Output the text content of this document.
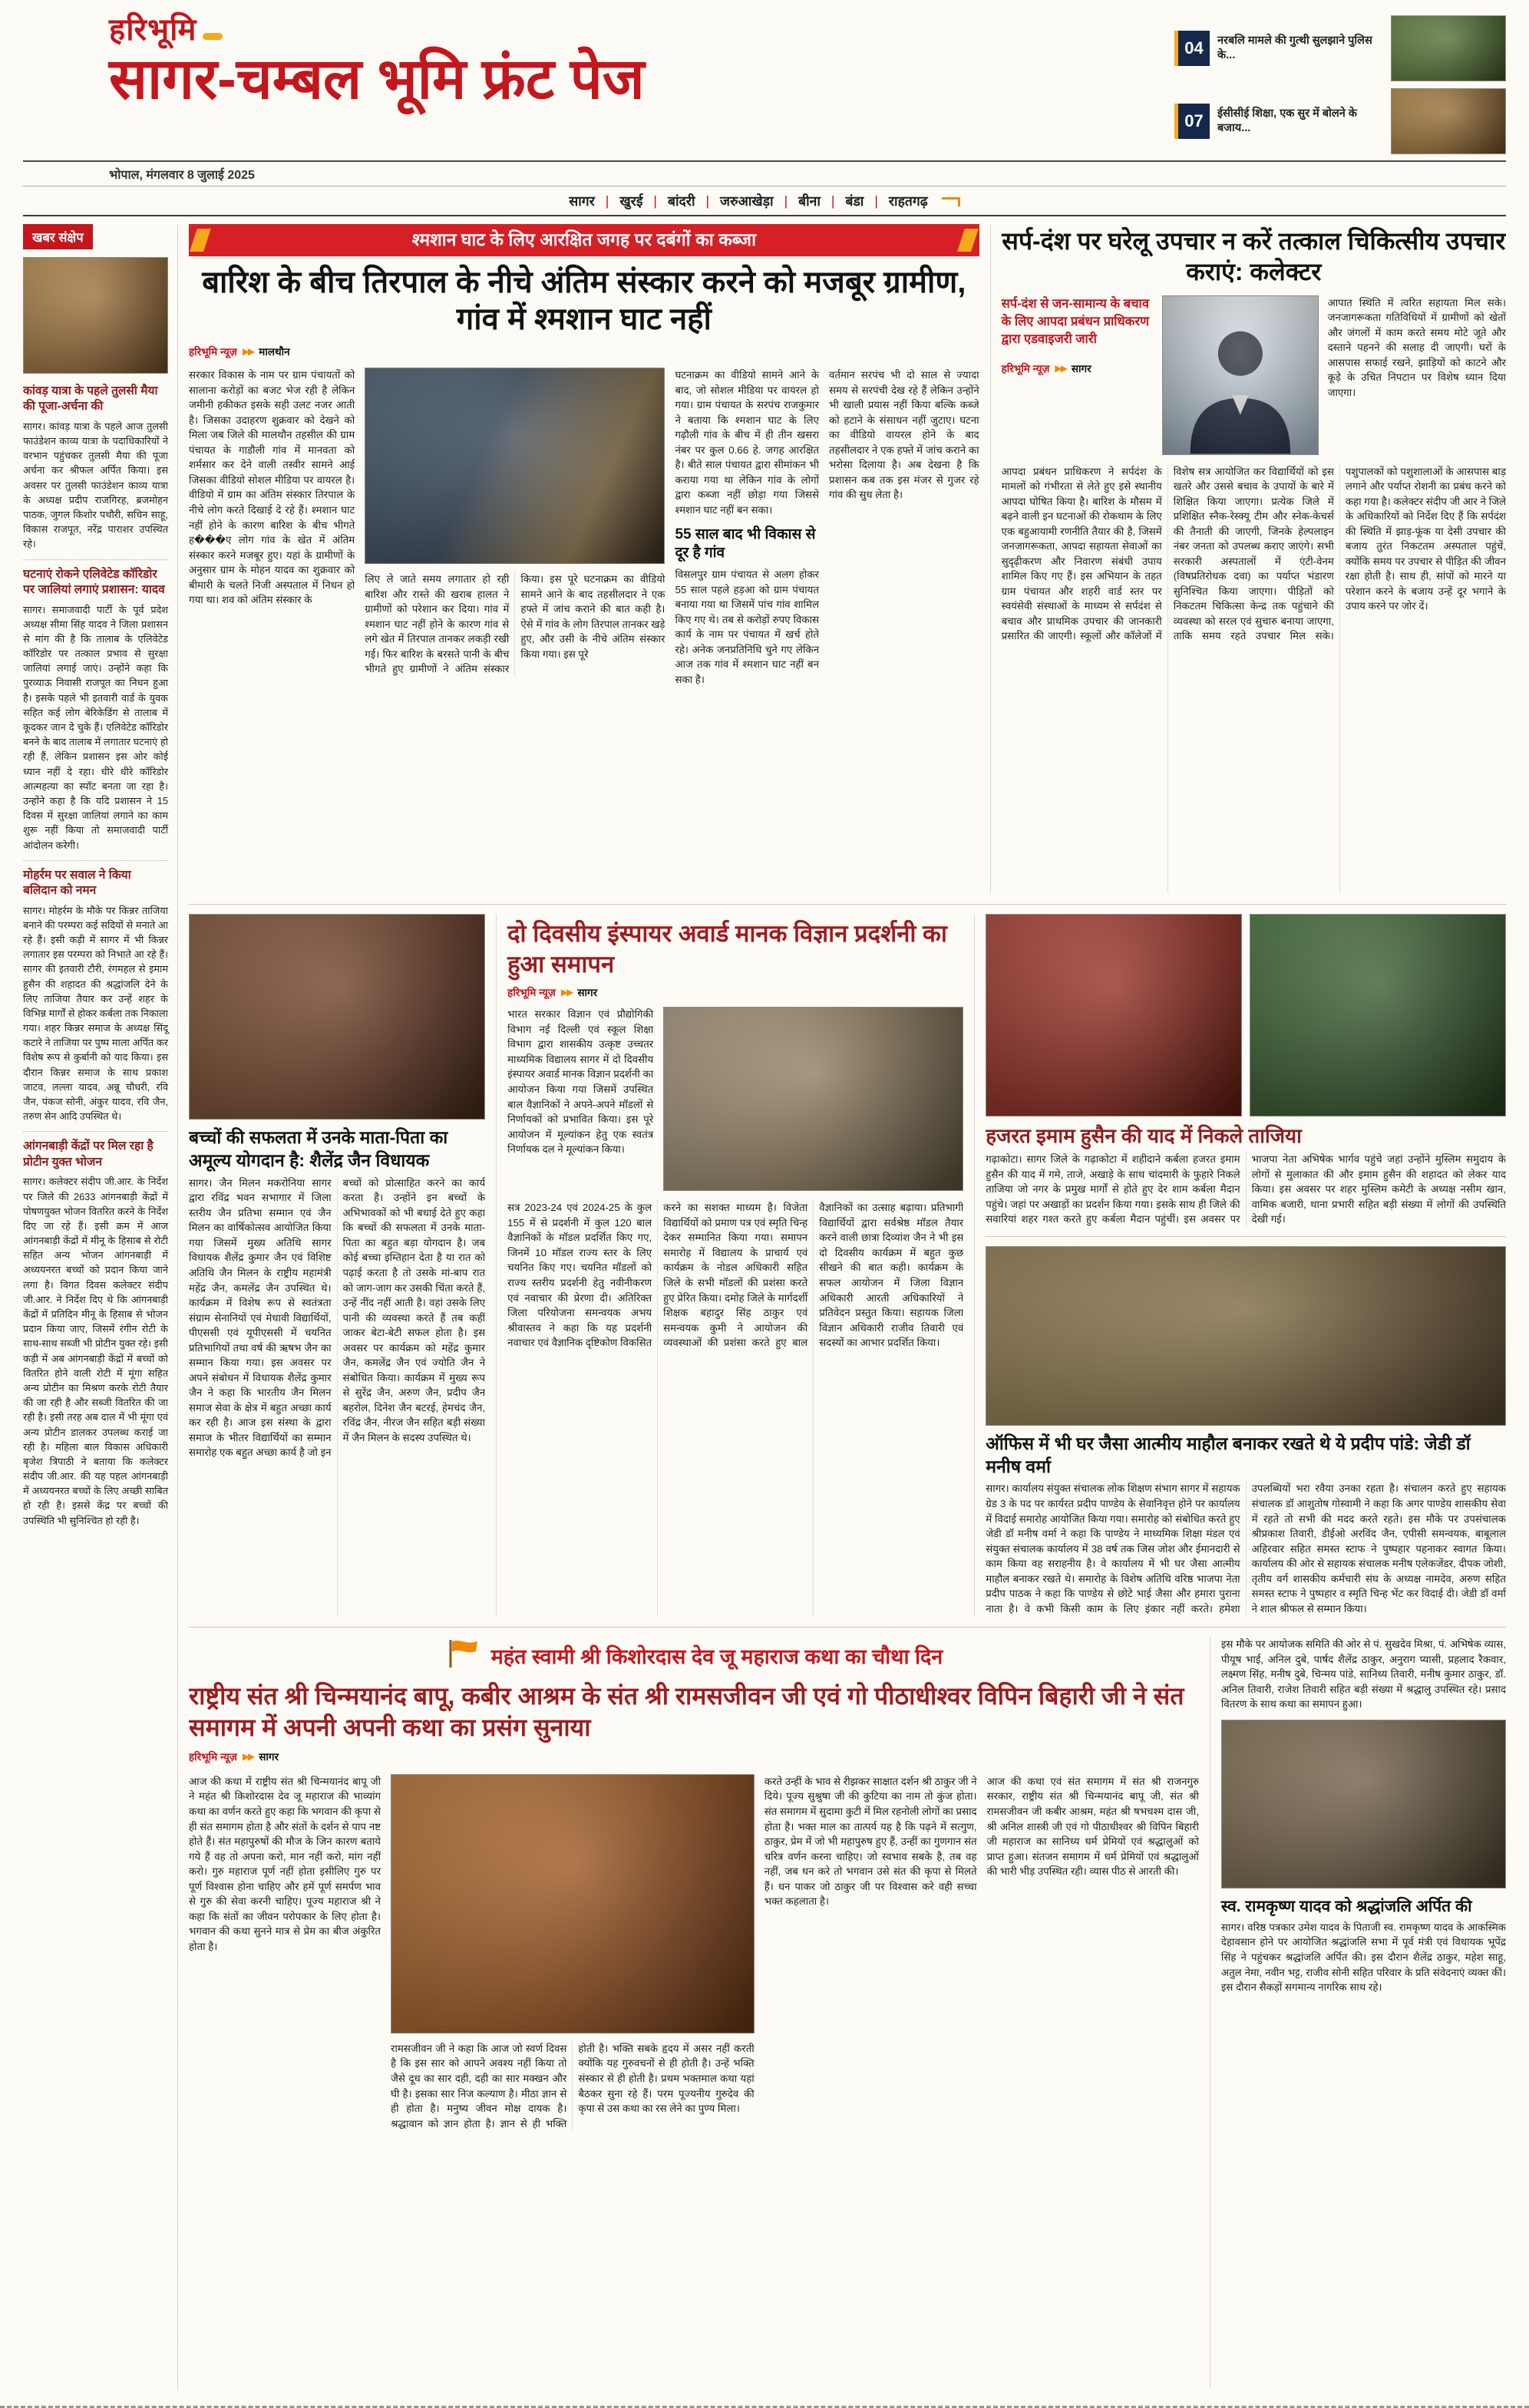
हरिभूमि
सागर-चम्बल भूमि फ्रंट पेज	04	नरबलि मामले की गुत्थी सुलझाने पुलिस के...
07	ईसीसीई शिक्षा, एक सुर में बोलने के बजाय...
भोपाल, मंगलवार 8 जुलाई 2025
सागर | खुरई | बांदरी | जरुआखेड़ा | बीना | बंडा | राहतगढ़
खबर संक्षेप
कांवड़ यात्रा के पहले तुलसी मैया की पूजा-अर्चना की

सागर। कांवड़ यात्रा के पहले आज तुलसी फाउंडेशन काव्य यात्रा के पदाधिकारियों ने वरभान पहुंचकर तुलसी मैया की पूजा अर्चना कर श्रीफल अर्पित किया। इस अवसर पर तुलसी फाउंडेशन काव्य यात्रा के अध्यक्ष प्रदीप राजगिरह, ब्रजमोहन पाठक, जुगल किशोर पथौरी, सचिन साहू, विकास राजपूत, नरेंद्र पाराशर उपस्थित रहे।

घटनाएं रोकने एलिवेटेड कॉरिडोर पर जालियां लगाएं प्रशासन: यादव

सागर। समाजवादी पार्टी के पूर्व प्रदेश अध्यक्ष सीमा सिंह यादव ने जिला प्रशासन से मांग की है कि तालाब के एलिवेटेड कॉरिडोर पर तत्काल प्रभाव से सुरक्षा जालियां लगाई जाएं। उन्होंने कहा कि पुरव्याऊ निवासी राजपूत का निधन हुआ है। इसके पहले भी इतवारी वार्ड के युवक सहित कई लोग बेरिकेडिंग से तालाब में कूदकर जान दे चुके हैं। एलिवेटेड कॉरिडोर बनने के बाद तालाब में लगातार घटनाएं हो रही हैं, लेकिन प्रशासन इस ओर कोई ध्यान नहीं दे रहा। धीरे धीरे कॉरिडोर आत्महत्या का स्पॉट बनता जा रहा है। उन्होंने कहा है कि यदि प्रशासन ने 15 दिवस में सुरक्षा जालियां लगाने का काम शुरू नहीं किया तो समाजवादी पार्टी आंदोलन करेगी।

मोहर्रम पर सवाल ने किया बलिदान को नमन

सागर। मोहर्रम के मौके पर किन्नर ताजिया बनाने की परम्परा कई सदियों से मनाते आ रहे हैं। इसी कड़ी में सागर में भी किन्नर लगातार इस परम्परा को निभाते आ रहे हैं। सागर की इतवारी टौरी, रंगमहल से इमाम हुसैन की शहादत की श्रद्धांजलि देने के लिए ताजिया तैयार कर उन्हें शहर के विभिन्न मार्गों से होकर कर्बला तक निकाला गया। शहर किन्नर समाज के अध्यक्ष सिंदू कटारे ने ताजिया पर पुष्प माला अर्पित कर विशेष रूप से कुर्बानी को याद किया। इस दौरान किन्नर समाज के साथ प्रकाश जाटव, लल्ला यादव, अन्नू चौधरी, रवि जैन, पंकज सोनी, अंकुर यादव, रवि जैन, तरुण सेन आदि उपस्थित थे।

आंगनबाड़ी केंद्रों पर मिल रहा है प्रोटीन युक्त भोजन

सागर। कलेक्टर संदीप जी.आर. के निर्देश पर जिले की 2633 आंगनबाड़ी केंद्रों में पोषणयुक्त भोजन वितरित करने के निर्देश दिए जा रहे हैं। इसी क्रम में आज आंगनबाड़ी केंद्रों में मीनू के हिसाब से रोटी सहित अन्य भोजन आंगनबाड़ी में अध्ययनरत बच्चों को प्रदान किया जाने लगा है। विगत दिवस कलेक्टर संदीप जी.आर. ने निर्देश दिए थे कि आंगनबाड़ी केंद्रों में प्रतिदिन मीनू के हिसाब से भोजन प्रदान किया जाए, जिसमें रंगीन रोटी के साथ-साथ सब्जी भी प्रोटीन युक्त रहे। इसी कड़ी में अब आंगनबाड़ी केंद्रों में बच्चों को वितरित होने वाली रोटी में मूंगा सहित अन्य प्रोटीन का मिश्रण करके रोटी तैयार की जा रही है और सब्जी वितरित की जा रही है। इसी तरह अब दाल में भी मूंगा एवं अन्य प्रोटीन डालकर उपलब्ध कराई जा रही है। महिला बाल विकास अधिकारी बृजेश त्रिपाठी ने बताया कि कलेक्टर संदीप जी.आर. की यह पहल आंगनबाड़ी में अध्ययनरत बच्चों के लिए अच्छी साबित हो रही है। इससे केंद्र पर बच्चों की उपस्थिति भी सुनिश्चित हो रही है।

श्मशान घाट के लिए आरक्षित जगह पर दबंगों का कब्जा
बारिश के बीच तिरपाल के नीचे अंतिम संस्कार करने को मजबूर ग्रामीण, गांव में श्मशान घाट नहीं
हरिभूमि न्यूज़ ▶▶ मालथौन

सरकार विकास के नाम पर ग्राम पंचायतों को सालाना करोड़ों का बजट भेज रही है लेकिन जमीनी हकीकत इसके सही उलट नजर आती है। जिसका उदाहरण शुक्रवार को देखने को मिला जब जिले की मालथौन तहसील की ग्राम पंचायत के गाडौली गांव में मानवता को शर्मसार कर देने वाली तस्वीर सामने आई जिसका वीडियो सोशल मीडिया पर वायरल है। वीडियो में ग्राम का अंतिम संस्कार तिरपाल के नीचे लोग करते दिखाई दे रहे हैं। श्मशान घाट नहीं होने के कारण बारिश के बीच भीगते ह���ए लोग गांव के खेत में अंतिम संस्कार करने मजबूर हुए। यहां के ग्रामीणों के अनुसार ग्राम के मोहन यादव का शुक्रवार को बीमारी के चलते निजी अस्पताल में निधन हो गया था। शव को अंतिम संस्कार के

लिए ले जाते समय लगातार हो रही बारिश और रास्ते की खराब हालत ने ग्रामीणों को परेशान कर दिया। गांव में श्मशान घाट नहीं होने के कारण गांव से लगे खेत में तिरपाल तानकर लकड़ी रखी गई। फिर बारिश के बरसते पानी के बीच भीगते हुए ग्रामीणों ने अंतिम संस्कार किया। इस पूरे घटनाक्रम का वीडियो सामने आने के बाद तहसीलदार ने एक हफ्ते में जांच कराने की बात कही है। ऐसे में गांव के लोग तिरपाल तानकर खड़े हुए, और उसी के नीचे अंतिम संस्कार किया गया। इस पूरे

घटनाक्रम का वीडियो सामने आने के बाद, जो सोशल मीडिया पर वायरल हो गया। ग्राम पंचायत के सरपंच राजकुमार ने बताया कि श्मशान घाट के लिए गढ़ौली गांव के बीच में ही तीन खसरा नंबर पर कुल 0.66 हे. जगह आरक्षित है। बीते साल पंचायत द्वारा सीमांकन भी कराया गया था लेकिन गांव के लोगों द्वारा कब्जा नहीं छोड़ा गया जिससे श्मशान घाट नहीं बन सका।

55 साल बाद भी विकास से दूर है गांव

विसलपुर ग्राम पंचायत से अलग होकर 55 साल पहले हड़आ को ग्राम पंचायत बनाया गया था जिसमें पांच गांव शामिल किए गए थे। तब से करोड़ों रुपए विकास कार्य के नाम पर पंचायत में खर्च होते रहे। अनेक जनप्रतिनिधि चुने गए लेकिन आज तक गांव में श्मशान घाट नहीं बन सका है।

वर्तमान सरपंच भी दो साल से ज्यादा समय से सरपंची देख रहे हैं लेकिन उन्होंने भी खाली प्रयास नहीं किया बल्कि कब्जे को हटाने के संसाधन नहीं जुटाए। घटना का वीडियो वायरल होने के बाद तहसीलदार ने एक हफ्ते में जांच कराने का भरोसा दिलाया है। अब देखना है कि प्रशासन कब तक इस मंजर से गुजर रहे गांव की सुध लेता है।

सर्प-दंश पर घरेलू उपचार न करें तत्काल चिकित्सीय उपचार कराएं: कलेक्टर

सर्प-दंश से जन-सामान्य के बचाव के लिए आपदा प्रबंधन प्राधिकरण द्वारा एडवाइजरी जारी

हरिभूमि न्यूज़ ▶▶ सागर

आपात स्थिति में त्वरित सहायता मिल सके। जनजागरूकता गतिविधियों में ग्रामीणों को खेतों और जंगलों में काम करते समय मोटे जूते और दस्ताने पहनने की सलाह दी जाएगी। घरों के आसपास सफाई रखने, झाड़ियों को काटने और कूड़े के उचित निपटान पर विशेष ध्यान दिया जाएगा।

आपदा प्रबंधन प्राधिकरण ने सर्पदंश के मामलों को गंभीरता से लेते हुए इसे स्थानीय आपदा घोषित किया है। बारिश के मौसम में बढ़ने वाली इन घटनाओं की रोकथाम के लिए एक बहुआयामी रणनीति तैयार की है, जिसमें जनजागरूकता, आपदा सहायता सेवाओं का सुदृढ़ीकरण और निवारण संबंधी उपाय शामिल किए गए हैं। इस अभियान के तहत ग्राम पंचायत और शहरी वार्ड स्तर पर स्वयंसेवी संस्थाओं के माध्यम से सर्पदंश से बचाव और प्राथमिक उपचार की जानकारी प्रसारित की जाएगी। स्कूलों और कॉलेजों में विशेष सत्र आयोजित कर विद्यार्थियों को इस खतरे और उससे बचाव के उपायों के बारे में शिक्षित किया जाएगा। प्रत्येक जिले में प्रशिक्षित स्नैक-रेस्क्यू टीम और स्नेक-केचर्स की तैनाती की जाएगी, जिनके हेल्पलाइन नंबर जनता को उपलब्ध कराए जाएंगे। सभी सरकारी अस्पतालों में एंटी-वेनम (विषप्रतिरोधक दवा) का पर्याप्त भंडारण सुनिश्चित किया जाएगा। पीड़ितों को निकटतम चिकित्सा केन्द्र तक पहुंचाने की व्यवस्था को सरल एवं सुचारु बनाया जाएगा, ताकि समय रहते उपचार मिल सके। पशुपालकों को पशुशालाओं के आसपास बाड़ लगाने और पर्याप्त रोशनी का प्रबंध करने को कहा गया है। कलेक्टर संदीप जी आर ने जिले के अधिकारियों को निर्देश दिए हैं कि सर्पदंश की स्थिति में झाड़-फूंक या देसी उपचार की बजाय तुरंत निकटतम अस्पताल पहुंचें, क्योंकि समय पर उपचार से पीड़ित की जीवन रक्षा होती है। साथ ही, सांपों को मारने या परेशान करने के बजाय उन्हें दूर भगाने के उपाय करने पर जोर दें।

बच्चों की सफलता में उनके माता-पिता का अमूल्य योगदान है: शैलेंद्र जैन विधायक

सागर। जैन मिलन मकरोनिया सागर द्वारा रविंद्र भवन सभागार में जिला स्तरीय जैन प्रतिभा सम्मान एवं जैन मिलन का वार्षिकोत्सव आयोजित किया गया जिसमें मुख्य अतिथि सागर विधायक शैलेंद्र कुमार जैन एवं विशिष्ट अतिथि जैन मिलन के राष्ट्रीय महामंत्री महेंद्र जैन, कमलेंद्र जैन उपस्थित थे। कार्यक्रम में विशेष रूप से स्वतंत्रता संग्राम सेनानियों एवं मेधावी विद्यार्थियों, पीएससी एवं यूपीएससी में चयनित प्रतिभागियों तथा वर्ष की ऋषभ जैन का सम्मान किया गया। इस अवसर पर अपने संबोधन में विधायक शैलेंद्र कुमार जैन ने कहा कि भारतीय जैन मिलन समाज सेवा के क्षेत्र में बहुत अच्छा कार्य कर रही है। आज इस संस्था के द्वारा समाज के भीतर विद्यार्थियों का सम्मान समारोह एक बहुत अच्छा कार्य है जो इन बच्चों को प्रोत्साहित करने का कार्य करता है। उन्होंने इन बच्चों के अभिभावकों को भी बधाई देते हुए कहा कि बच्चों की सफलता में उनके माता-पिता का बहुत बड़ा योगदान है। जब कोई बच्चा इम्तिहान देता है या रात को पढ़ाई करता है तो उसके मां-बाप रात को जाग-जाग कर उसकी चिंता करते हैं, उन्हें नींद नहीं आती है। वहां उसके लिए पानी की व्यवस्था करते हैं तब कहीं जाकर बेटा-बेटी सफल होता है। इस अवसर पर कार्यक्रम को महेंद्र कुमार जैन, कमलेंद्र जैन एवं ज्योति जैन ने संबोधित किया। कार्यक्रम में मुख्य रूप से सुरेंद्र जैन, अरुण जैन, प्रदीप जैन बहरोल, दिनेश जैन बटरई, हेमचंद जैन, रविंद्र जैन, नीरज जैन सहित बड़ी संख्या में जैन मिलन के सदस्य उपस्थित थे।

दो दिवसीय इंस्पायर अवार्ड मानक विज्ञान प्रदर्शनी का हुआ समापन
हरिभूमि न्यूज़ ▶▶ सागर

भारत सरकार विज्ञान एवं प्रौद्योगिकी विभाग नई दिल्ली एवं स्कूल शिक्षा विभाग द्वारा शासकीय उत्कृष्ट उच्चतर माध्यमिक विद्यालय सागर में दो दिवसीय इंस्पायर अवार्ड मानक विज्ञान प्रदर्शनी का आयोजन किया गया जिसमें उपस्थित बाल वैज्ञानिकों ने अपने-अपने मॉडलों से निर्णायकों को प्रभावित किया। इस पूरे आयोजन में मूल्यांकन हेतु एक स्वतंत्र निर्णायक दल ने मूल्यांकन किया।

सत्र 2023-24 एवं 2024-25 के कुल 155 में से प्रदर्शनी में कुल 120 बाल वैज्ञानिकों के मॉडल प्रदर्शित किए गए, जिनमें 10 मॉडल राज्य स्तर के लिए चयनित किए गए। चयनित मॉडलों को राज्य स्तरीय प्रदर्शनी हेतु नवीनीकरण एवं नवाचार की प्रेरणा दी। अतिरिक्त जिला परियोजना समन्वयक अभय श्रीवास्तव ने कहा कि यह प्रदर्शनी नवाचार एवं वैज्ञानिक दृष्टिकोण विकसित करने का सशक्त माध्यम है। विजेता विद्यार्थियों को प्रमाण पत्र एवं स्मृति चिन्ह देकर सम्मानित किया गया। समापन समारोह में विद्यालय के प्राचार्य एवं कार्यक्रम के नोडल अधिकारी सहित जिले के सभी मॉडलों की प्रशंसा करते हुए प्रेरित किया। दमोह जिले के मार्गदर्शी शिक्षक बहादुर सिंह ठाकुर एवं समन्वयक कुमी ने आयोजन की व्यवस्थाओं की प्रशंसा करते हुए बाल वैज्ञानिकों का उत्साह बढ़ाया। प्रतिभागी विद्यार्थियों द्वारा सर्वश्रेष्ठ मॉडल तैयार करने वाली छात्रा दिव्यांश जैन ने भी इस दो दिवसीय कार्यक्रम में बहुत कुछ सीखने की बात कही। कार्यक्रम के सफल आयोजन में जिला विज्ञान अधिकारी आरती अधिकारियों ने प्रतिवेदन प्रस्तुत किया। सहायक जिला विज्ञान अधिकारी राजीव तिवारी एवं सदस्यों का आभार प्रदर्शित किया।

हजरत इमाम हुसैन की याद में निकले ताजिया

गढ़ाकोटा। सागर जिले के गढ़ाकोटा में शहीदाने कर्बला हजरत इमाम हुसैन की याद में गमे, ताजे, अखाड़े के साथ चांदमारी के फुहारे निकले ताजिया जो नगर के प्रमुख मार्गों से होते हुए देर शाम कर्बला मैदान पहुंचे। जहां पर अखाड़ों का प्रदर्शन किया गया। इसके साथ ही जिले की सवारियां शहर गश्त करते हुए कर्बला मैदान पहुंचीं। इस अवसर पर भाजपा नेता अभिषेक भार्गव पहुंचे जहां उन्होंने मुस्लिम समुदाय के लोगों से मुलाकात की और इमाम हुसैन की शहादत को लेकर याद किया। इस अवसर पर शहर मुस्लिम कमेटी के अध्यक्ष नसीम खान, वामिक बजारी, थाना प्रभारी सहित बड़ी संख्या में लोगों की उपस्थिति देखी गई।

ऑफिस में भी घर जैसा आत्मीय माहौल बनाकर रखते थे ये प्रदीप पांडे: जेडी डॉ मनीष वर्मा

सागर। कार्यालय संयुक्त संचालक लोक शिक्षण संभाग सागर में सहायक ग्रेड 3 के पद पर कार्यरत प्रदीप पाण्डेय के सेवानिवृत्त होने पर कार्यालय में विदाई समारोह आयोजित किया गया। समारोह को संबोधित करते हुए जेडी डॉ मनीष वर्मा ने कहा कि पाण्डेय ने माध्यमिक शिक्षा मंडल एवं संयुक्त संचालक कार्यालय में 38 वर्ष तक जिस जोश और ईमानदारी से काम किया वह सराहनीय है। वे कार्यालय में भी घर जैसा आत्मीय माहौल बनाकर रखते थे। समारोह के विशेष अतिथि वरिष्ठ भाजपा नेता प्रदीप पाठक ने कहा कि पाण्डेय से छोटे भाई जैसा और हमारा पुराना नाता है। वे कभी किसी काम के लिए इंकार नहीं करते। हमेशा उपलब्धियों भरा रवैया उनका रहता है। संचालन करते हुए सहायक संचालक डॉ आशुतोष गोस्वामी ने कहा कि अगर पाण्डेय शासकीय सेवा में रहते तो सभी की मदद करते रहते। इस मौके पर उपसंचालक श्रीप्रकाश तिवारी, डीईओ अरविंद जैन, एपीसी समन्वयक, बाबूलाल अहिरवार सहित समस्त स्टाफ ने पुष्पहार पहनाकर स्वागत किया। कार्यालय की ओर से सहायक संचालक मनीष एलेकजेंडर, दीपक जोशी, तृतीय वर्ग शासकीय कर्मचारी संघ के अध्यक्ष नामदेव, अरुण सहित समस्त स्टाफ ने पुष्पहार व स्मृति चिन्ह भेंट कर विदाई दी। जेडी डॉ वर्मा ने शाल श्रीफल से सम्मान किया।

महंत स्वामी श्री किशोरदास देव जू महाराज कथा का चौथा दिन
राष्ट्रीय संत श्री चिन्मयानंद बापू, कबीर आश्रम के संत श्री रामसजीवन जी एवं गो पीठाधीश्वर विपिन बिहारी जी ने संत समागम में अपनी अपनी कथा का प्रसंग सुनाया
हरिभूमि न्यूज़ ▶▶ सागर

आज की कथा में राष्ट्रीय संत श्री चिन्मयानंद बापू जी ने महंत श्री किशोरदास देव जू महाराज की भाव्यांग कथा का वर्णन करते हुए कहा कि भगवान की कृपा से ही संत समागम होता है और संतों के दर्शन से पाप नष्ट होते हैं। संत महापुरुषों की मौज के जिन कारण बताये गये हैं वह तो अपना करो, मान नहीं करो, मांग नहीं करो। गुरु महाराज पूर्ण नहीं होता इसीलिए गुरु पर पूर्ण विश्वास होना चाहिए और हमें पूर्ण समर्पण भाव से गुरु की सेवा करनी चाहिए। पूज्य महाराज श्री ने कहा कि संतों का जीवन परोपकार के लिए होता है। भगवान की कथा सुनने मात्र से प्रेम का बीज अंकुरित होता है।

रामसजीवन जी ने कहा कि आज जो स्वर्ण दिवस है कि इस सार को आपने अवश्य नहीं किया तो जैसे दूध का सार दही, दही का सार मक्खन और घी है। इसका सार निज कल्याण है। मीठा ज्ञान से ही होता है। मनुष्य जीवन मोक्ष दायक है। श्रद्धावान को ज्ञान होता है। ज्ञान से ही भक्ति होती है। भक्ति सबके हृदय में असर नहीं करती क्योंकि यह गुरुवचनों से ही होती है। उन्हें भक्ति संस्कार से ही होती है। प्रथम भक्तमाल कथा यहां बैठकर सुना रहे हैं। परम पूज्यनीय गुरुदेव की कृपा से उस कथा का रस लेने का पुण्य मिला।

करते उन्हीं के भाव से रीझकर साक्षात दर्शन श्री ठाकुर जी ने दिये। पूज्य सुश्रुषा जी की कुटिया का नाम तो कुंज होता। संत समागम में सुदामा कुटी में मिल रहनोली लोगों का प्रसाद होता है। भक्त माल का तात्पर्य यह है कि पढ़ने में सत्गुण, ठाकुर, प्रेम में जो भी महापुरुष हुए हैं, उन्हीं का गुणगान संत चरित्र वर्णन करना चाहिए। जो स्वभाव सबके है, तब वह नहीं, जब धन करे तो भगवान उसे संत की कृपा से मिलते हैं। धन पाकर जो ठाकुर जी पर विश्वास करे वही सच्चा भक्त कहलाता है।

आज की कथा एवं संत समागम में संत श्री राजनगुरु सरकार, राष्ट्रीय संत श्री चिन्मयानंद बापू जी, संत श्री रामसजीवन जी कबीर आश्रम, महंत श्री षभचश्म दास जी, श्री अनिल शास्त्री जी एवं गो पीठाधीश्वर श्री विपिन बिहारी जी महाराज का सानिध्य धर्म प्रेमियों एवं श्रद्धालुओं को प्राप्त हुआ। संतजन समागम में धर्म प्रेमियों एवं श्रद्धालुओं की भारी भीड़ उपस्थित रही। व्यास पीठ से आरती की।

इस मौके पर आयोजक समिति की ओर से पं. सुखदेव मिश्रा, पं. अभिषेक व्यास, पीयूष भाई, अनिल दुबे, पार्षद शैलेंद्र ठाकुर, अनुराग प्यासी, प्रहलाद रैकवार, लक्ष्मण सिंह, मनीष दुबे, चिन्मय पांडे, सानिध्य तिवारी, मनीष कुमार ठाकुर, डॉ. अनिल तिवारी, राजेश तिवारी सहित बड़ी संख्या में श्रद्धालु उपस्थित रहे। प्रसाद वितरण के साथ कथा का समापन हुआ।

स्व. रामकृष्ण यादव को श्रद्धांजलि अर्पित की

सागर। वरिष्ठ पत्रकार उमेश यादव के पिताजी स्व. रामकृष्ण यादव के आकस्मिक देहावसान होने पर आयोजित श्रद्धांजलि सभा में पूर्व मंत्री एवं विधायक भूपेंद्र सिंह ने पहुंचकर श्रद्धांजलि अर्पित की। इस दौरान शैलेंद्र ठाकुर, महेश साहू, अतुल नेमा, नवीन भट्ट, राजीव सोनी सहित परिवार के प्रति संवेदनाएं व्यक्त कीं। इस दौरान सैकड़ों सगमान्य नागरिक साथ रहे।
